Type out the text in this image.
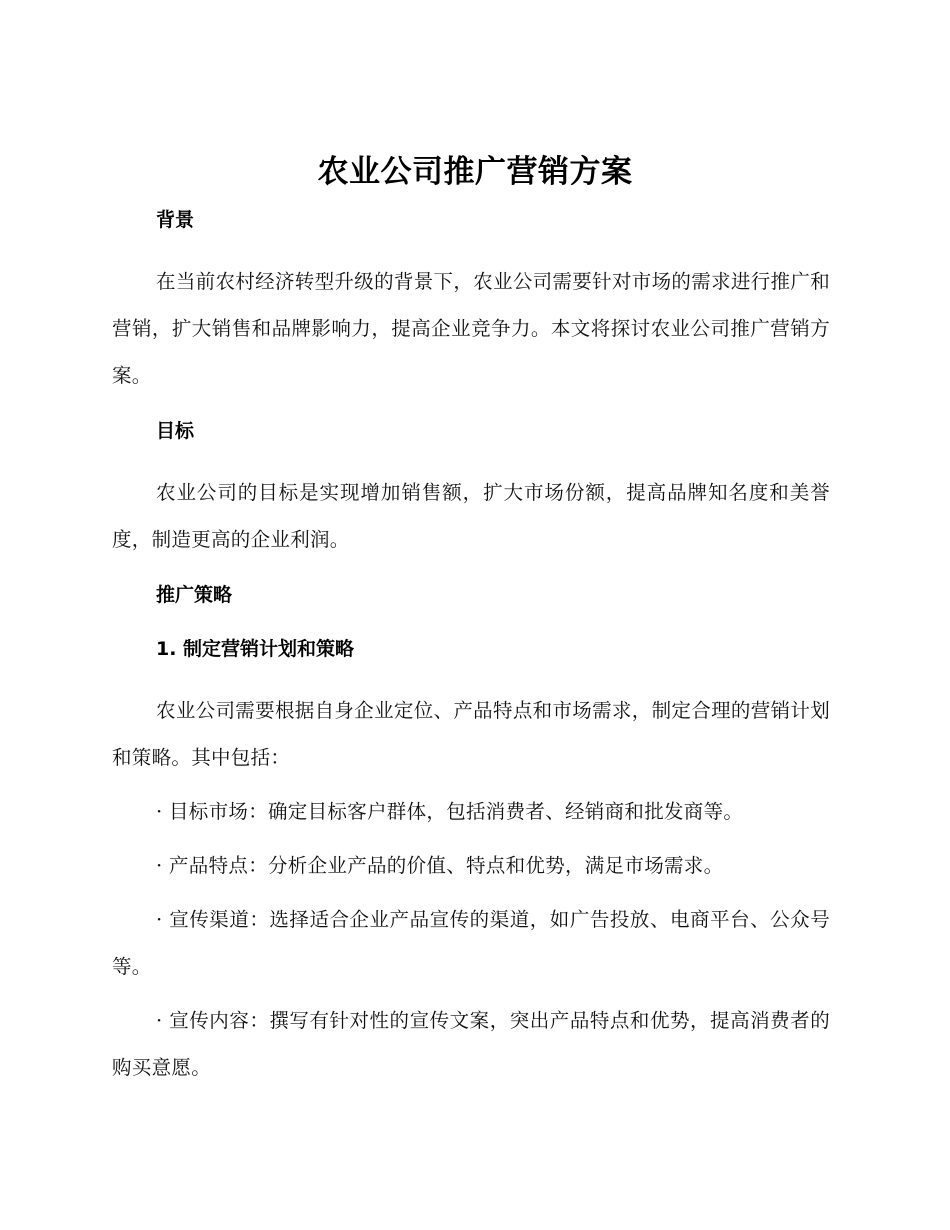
农业公司推广营销方案
背景

在当前农村经济转型升级的背景下，农业公司需要针对市场的需求进行推广和营销，扩大销售和品牌影响力，提高企业竞争力。本文将探讨农业公司推广营销方案。

目标

农业公司的目标是实现增加销售额，扩大市场份额，提高品牌知名度和美誉度，制造更高的企业利润。

推广策略
1. 制定营销计划和策略

农业公司需要根据自身企业定位、产品特点和市场需求，制定合理的营销计划和策略。其中包括：

· 目标市场：确定目标客户群体，包括消费者、经销商和批发商等。

· 产品特点：分析企业产品的价值、特点和优势，满足市场需求。

· 宣传渠道：选择适合企业产品宣传的渠道，如广告投放、电商平台、公众号等。

· 宣传内容：撰写有针对性的宣传文案，突出产品特点和优势，提高消费者的购买意愿。
